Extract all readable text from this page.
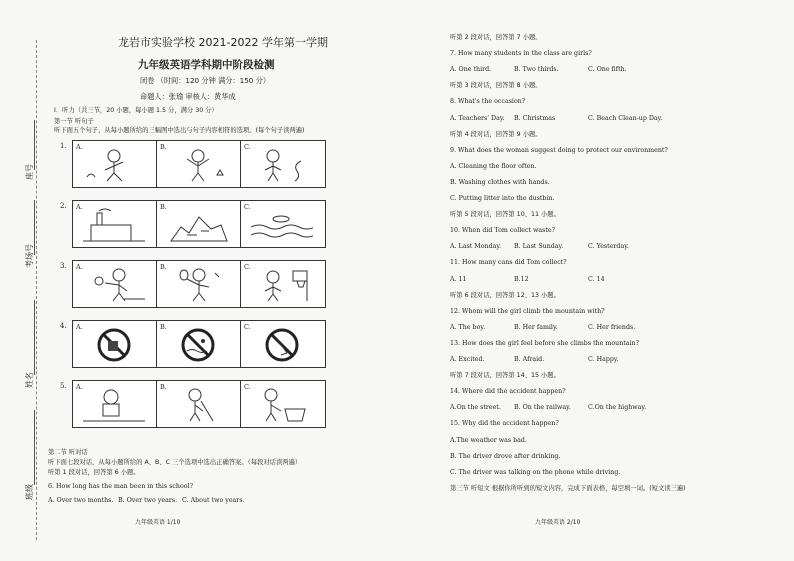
座号
考场号
姓名
班级
龙岩市实验学校 2021-2022 学年第一学期
九年级英语学科期中阶段检测
闭卷 （时间：120 分钟 满分：150 分）
命题人：张瑜 审核人：黄华成
I．听力（共三节，20 小题，每小题 1.5 分，满分 30 分）
第一节 听句子
听下面五个句子，从每小题所给的三幅图中选出与句子内容相符的选项。(每个句子读两遍)
1. A.	B.	C.
2. A.	B.	C.
3. A.	B.	C.
4. A.	B.	C.
5. A.	B.	C.
第二节 听对话
听下面七段对话，从每小题所给的 A、B、C 三个选项中选出正确答案。（每段对话读两遍）
听第 1 段对话，回答第 6 小题。
6. How long has the man been in this school?
A. Over two months. B. Over two years. C. About two years.
九年级英语 1/10
听第 2 段对话，回答第 7 小题。
7. How many students in the class are girls?
A. One third.	B. Two thirds.	C. One fifth.
听第 3 段对话，回答第 8 小题。
8. What's the occasion?
A. Teachers' Day. B. Christmas	C. Beach Clean-up Day.
听第 4 段对话，回答第 9 小题。
9. What does the woman suggest doing to protect our environment?
A. Cleaning the floor often.
B. Washing clothes with hands.
C. Putting litter into the dustbin.
听第 5 段对话，回答第 10、11 小题。
10. When did Tom collect waste?
A. Last Monday. B. Last Sunday.	C. Yesterday.
11. How many cans did Tom collect?
A. 11	B.12	C. 14
听第 6 段对话，回答第 12、13 小题。
12. Whom will the girl climb the mountain with?
A. The boy.	B. Her family.	C. Her friends.
13. How does the girl feel before she climbs the mountain?
A. Excited.	B. Afraid.	C. Happy.
听第 7 段对话，回答第 14、15 小题。
14. Where did the accident happen?
A.On the street. B. On the railway.	C.On the highway.
15. Why did the accident happen?
A.The weather was bad.
B. The driver drove after drinking.
C. The driver was talking on the phone while driving.
第三节 听短文 根据你所听到的短文内容，完成下面表格，每空填一词。(短文读三遍)
九年级英语 2/10
